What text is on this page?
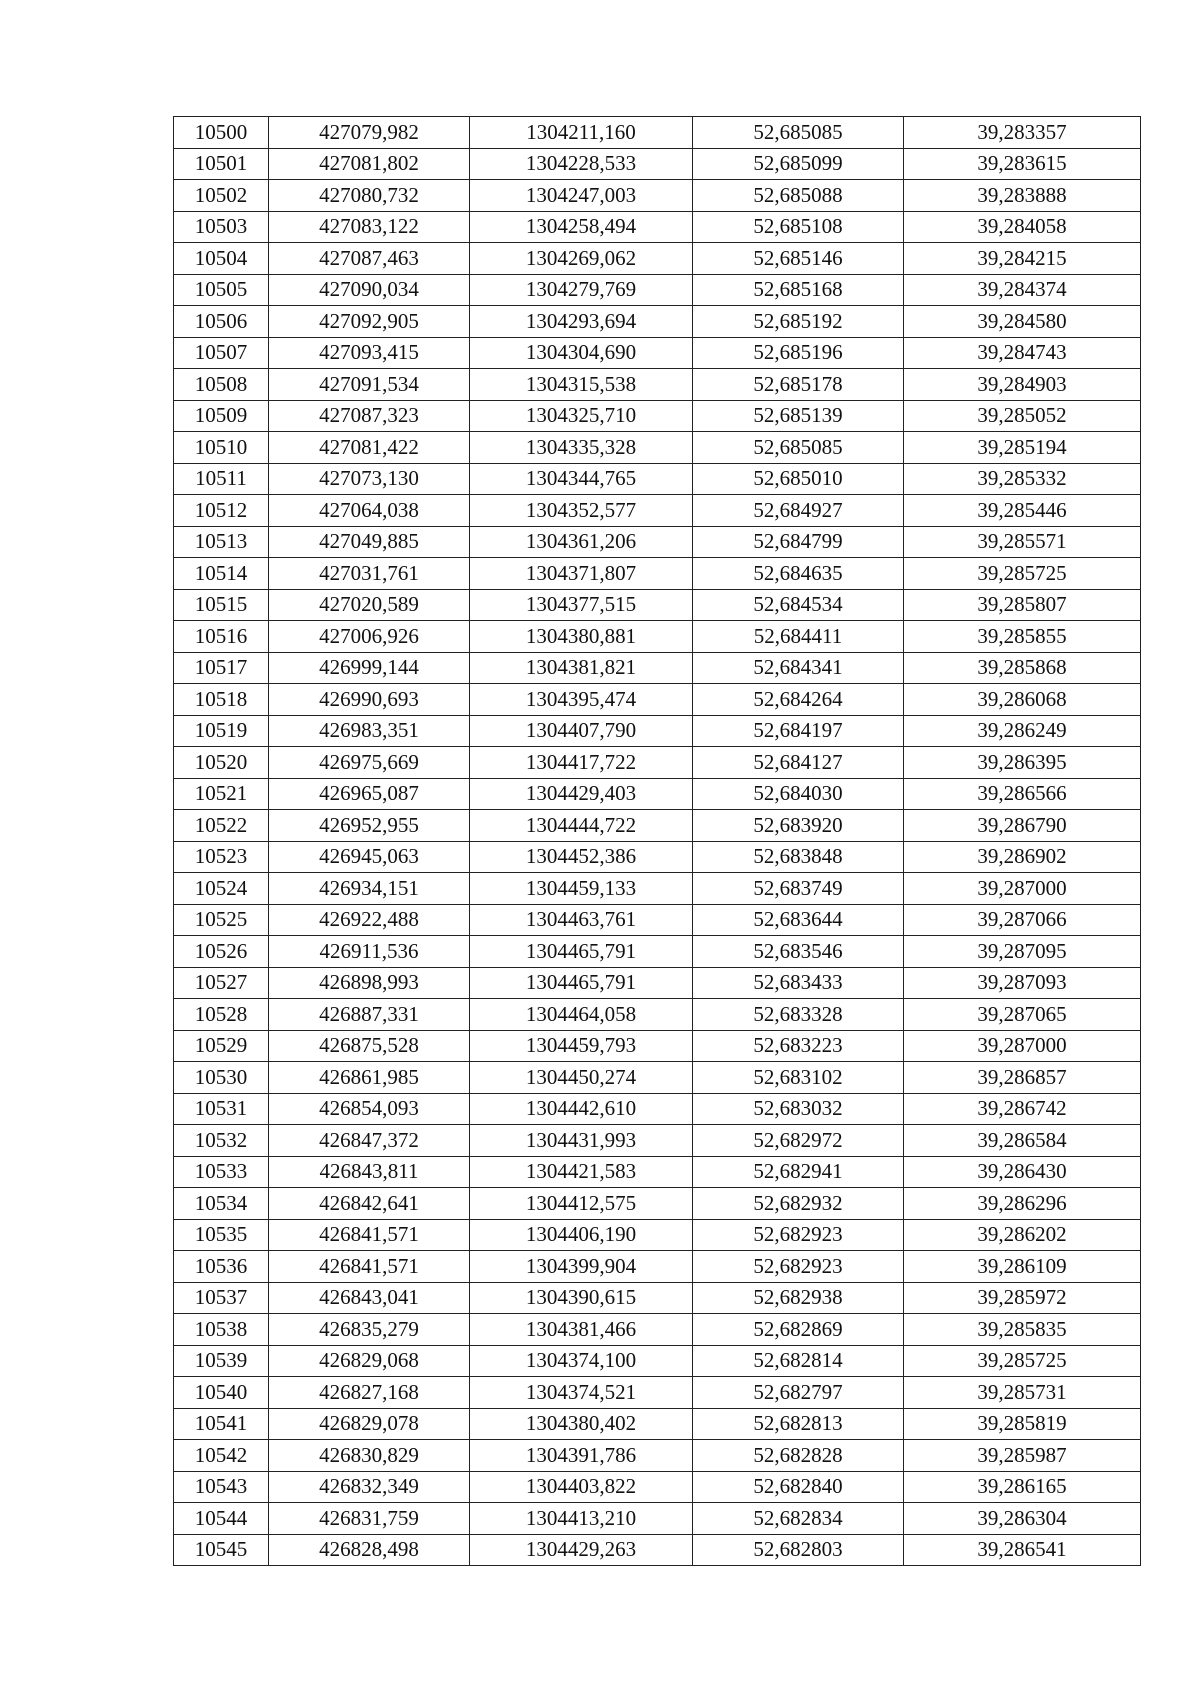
10500	427079,982	1304211,160	52,685085	39,283357
10501	427081,802	1304228,533	52,685099	39,283615
10502	427080,732	1304247,003	52,685088	39,283888
10503	427083,122	1304258,494	52,685108	39,284058
10504	427087,463	1304269,062	52,685146	39,284215
10505	427090,034	1304279,769	52,685168	39,284374
10506	427092,905	1304293,694	52,685192	39,284580
10507	427093,415	1304304,690	52,685196	39,284743
10508	427091,534	1304315,538	52,685178	39,284903
10509	427087,323	1304325,710	52,685139	39,285052
10510	427081,422	1304335,328	52,685085	39,285194
10511	427073,130	1304344,765	52,685010	39,285332
10512	427064,038	1304352,577	52,684927	39,285446
10513	427049,885	1304361,206	52,684799	39,285571
10514	427031,761	1304371,807	52,684635	39,285725
10515	427020,589	1304377,515	52,684534	39,285807
10516	427006,926	1304380,881	52,684411	39,285855
10517	426999,144	1304381,821	52,684341	39,285868
10518	426990,693	1304395,474	52,684264	39,286068
10519	426983,351	1304407,790	52,684197	39,286249
10520	426975,669	1304417,722	52,684127	39,286395
10521	426965,087	1304429,403	52,684030	39,286566
10522	426952,955	1304444,722	52,683920	39,286790
10523	426945,063	1304452,386	52,683848	39,286902
10524	426934,151	1304459,133	52,683749	39,287000
10525	426922,488	1304463,761	52,683644	39,287066
10526	426911,536	1304465,791	52,683546	39,287095
10527	426898,993	1304465,791	52,683433	39,287093
10528	426887,331	1304464,058	52,683328	39,287065
10529	426875,528	1304459,793	52,683223	39,287000
10530	426861,985	1304450,274	52,683102	39,286857
10531	426854,093	1304442,610	52,683032	39,286742
10532	426847,372	1304431,993	52,682972	39,286584
10533	426843,811	1304421,583	52,682941	39,286430
10534	426842,641	1304412,575	52,682932	39,286296
10535	426841,571	1304406,190	52,682923	39,286202
10536	426841,571	1304399,904	52,682923	39,286109
10537	426843,041	1304390,615	52,682938	39,285972
10538	426835,279	1304381,466	52,682869	39,285835
10539	426829,068	1304374,100	52,682814	39,285725
10540	426827,168	1304374,521	52,682797	39,285731
10541	426829,078	1304380,402	52,682813	39,285819
10542	426830,829	1304391,786	52,682828	39,285987
10543	426832,349	1304403,822	52,682840	39,286165
10544	426831,759	1304413,210	52,682834	39,286304
10545	426828,498	1304429,263	52,682803	39,286541
